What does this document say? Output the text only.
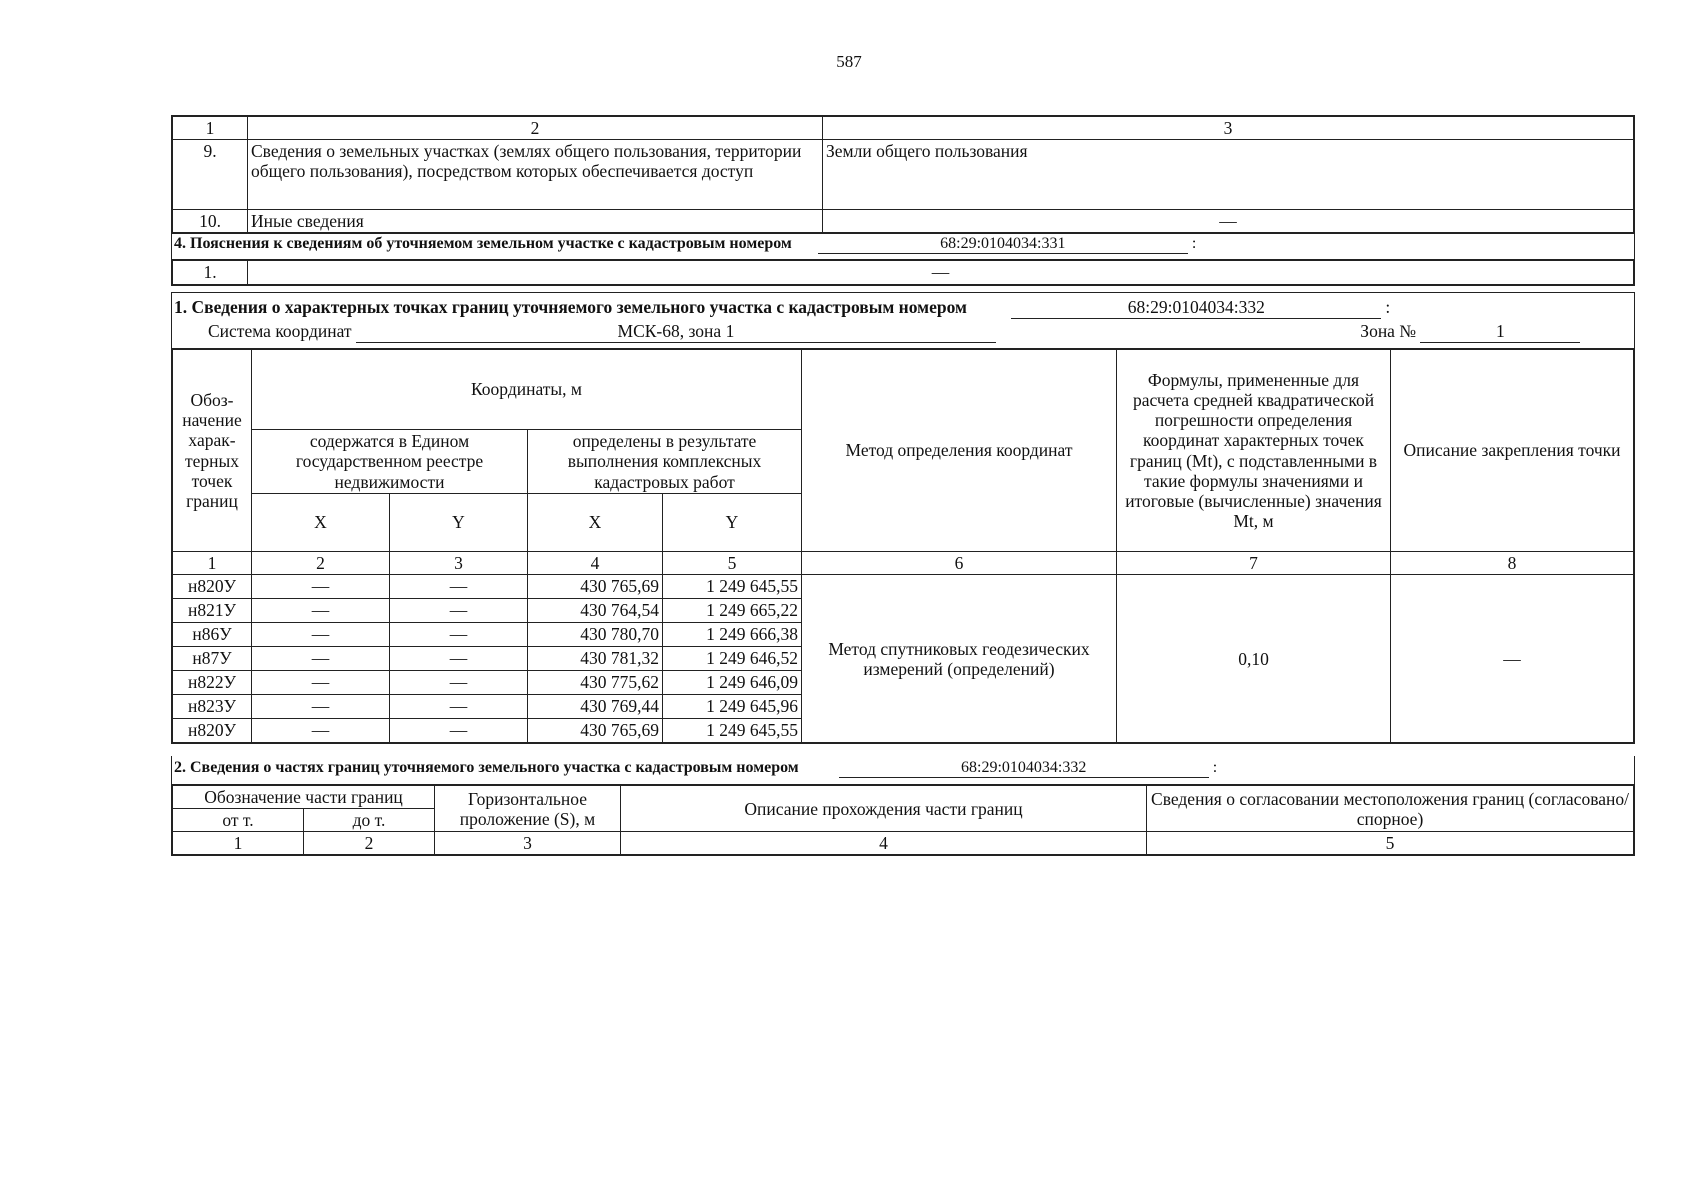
587
1	2	3
9.	Сведения о земельных участках (землях общего пользования, территории общего пользования), посредством которых обеспечивается доступ	Земли общего пользования
10.	Иные сведения	—
4. Пояснения к сведениям об уточняемом земельном участке с кадастровым номером	68:29:0104034:331	:
1.	—
1. Сведения о характерных точках границ уточняемого земельного участка с кадастровым номером	68:29:0104034:332	:
Система координат	МСК-68, зона 1	Зона №	1
Обоз-начение харак-терных точек границ	Координаты, м				Метод определения координат	Формулы, примененные для расчета средней квадратической погрешности определения координат характерных точек границ (Mt), с подставленными в такие формулы значениями и итоговые (вычисленные) значения Mt, м	Описание закрепления точки
	содержатся в Едином государственном реестре недвижимости		определены в результате выполнения комплексных кадастровых работ				
	X	Y	X	Y			
1	2	3	4	5	6	7	8
н820У	—	—	430 765,69	1 249 645,55	Метод спутниковых геодезических измерений (определений)	0,10	—
н821У	—	—	430 764,54	1 249 665,22			
н86У	—	—	430 780,70	1 249 666,38			
н87У	—	—	430 781,32	1 249 646,52			
н822У	—	—	430 775,62	1 249 646,09			
н823У	—	—	430 769,44	1 249 645,96			
н820У	—	—	430 765,69	1 249 645,55			
2. Сведения о частях границ уточняемого земельного участка с кадастровым номером	68:29:0104034:332	:
Обозначение части границ		Горизонтальное проложение (S), м	Описание прохождения части границ	Сведения о согласовании местоположения границ (согласовано/спорное)
от т.	до т.			
1	2	3	4	5
